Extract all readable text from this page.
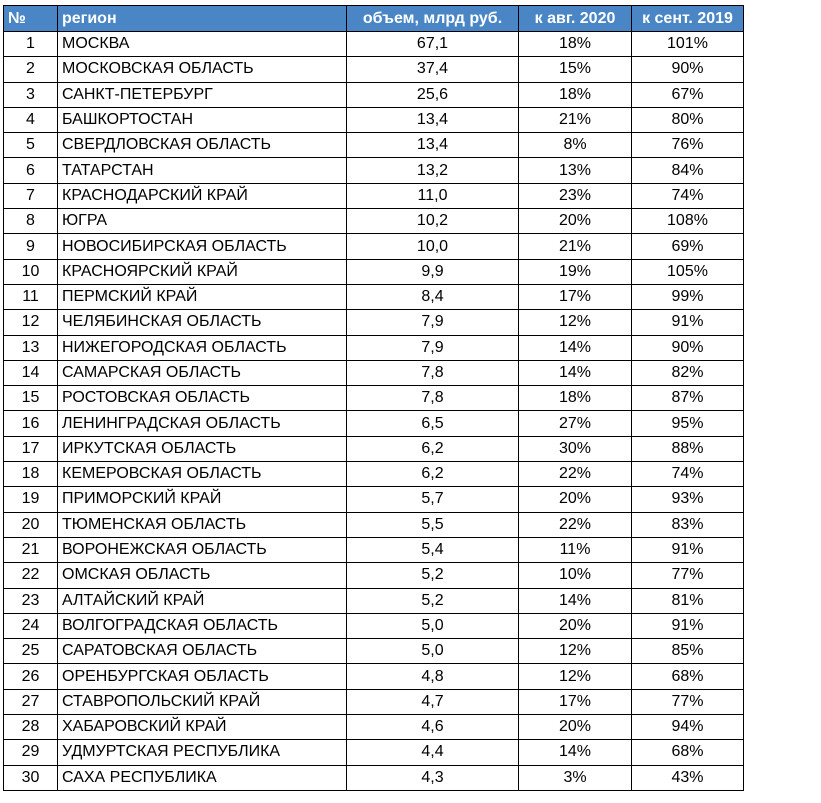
№	регион	объем, млрд руб.	к авг. 2020	к сент. 2019
1	МОСКВА	67,1	18%	101%
2	МОСКОВСКАЯ ОБЛАСТЬ	37,4	15%	90%
3	САНКТ-ПЕТЕРБУРГ	25,6	18%	67%
4	БАШКОРТОСТАН	13,4	21%	80%
5	СВЕРДЛОВСКАЯ ОБЛАСТЬ	13,4	8%	76%
6	ТАТАРСТАН	13,2	13%	84%
7	КРАСНОДАРСКИЙ КРАЙ	11,0	23%	74%
8	ЮГРА	10,2	20%	108%
9	НОВОСИБИРСКАЯ ОБЛАСТЬ	10,0	21%	69%
10	КРАСНОЯРСКИЙ КРАЙ	9,9	19%	105%
11	ПЕРМСКИЙ КРАЙ	8,4	17%	99%
12	ЧЕЛЯБИНСКАЯ ОБЛАСТЬ	7,9	12%	91%
13	НИЖЕГОРОДСКАЯ ОБЛАСТЬ	7,9	14%	90%
14	САМАРСКАЯ ОБЛАСТЬ	7,8	14%	82%
15	РОСТОВСКАЯ ОБЛАСТЬ	7,8	18%	87%
16	ЛЕНИНГРАДСКАЯ ОБЛАСТЬ	6,5	27%	95%
17	ИРКУТСКАЯ ОБЛАСТЬ	6,2	30%	88%
18	КЕМЕРОВСКАЯ ОБЛАСТЬ	6,2	22%	74%
19	ПРИМОРСКИЙ КРАЙ	5,7	20%	93%
20	ТЮМЕНСКАЯ ОБЛАСТЬ	5,5	22%	83%
21	ВОРОНЕЖСКАЯ ОБЛАСТЬ	5,4	11%	91%
22	ОМСКАЯ ОБЛАСТЬ	5,2	10%	77%
23	АЛТАЙСКИЙ КРАЙ	5,2	14%	81%
24	ВОЛГОГРАДСКАЯ ОБЛАСТЬ	5,0	20%	91%
25	САРАТОВСКАЯ ОБЛАСТЬ	5,0	12%	85%
26	ОРЕНБУРГСКАЯ ОБЛАСТЬ	4,8	12%	68%
27	СТАВРОПОЛЬСКИЙ КРАЙ	4,7	17%	77%
28	ХАБАРОВСКИЙ КРАЙ	4,6	20%	94%
29	УДМУРТСКАЯ РЕСПУБЛИКА	4,4	14%	68%
30	САХА РЕСПУБЛИКА	4,3	3%	43%
